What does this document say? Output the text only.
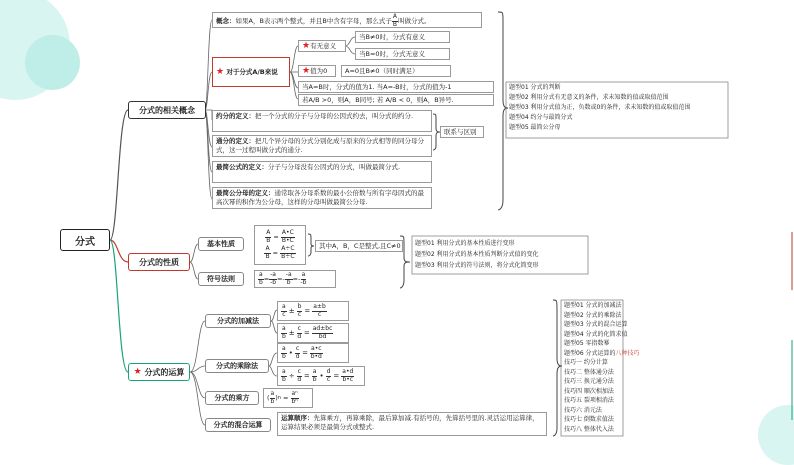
分式
分式的相关概念
分式的性质
★
分式的运算
概念：如果A，B表示两个整式，并且B中含有字母，那么式子 $\frac{A}{B}$ 叫做分式。
★
对于分式A/B来说
★有无意义
当B≠0时，分式有意义
当B=0时，分式无意义
★值为0	A=0且B≠0（同时满足）
当A=B时，分式的值为1. 当A=-B时，分式的值为-1
若A/B >0，则A，B同号; 若 A/B < 0，则A，B异号.
约分的定义：把一个分式的分子与分母的公因式约去，叫分式的约分.
通分的定义：把几个异分母的分式分别化成与原来的分式相等的同分母分式，这一过程叫做分式的通分.
联系与区别
最简公式的定义：分子与分母没有公因式的分式，叫做最简分式.
最简公分母的定义：通常取各分母系数的最小公倍数与所有字母因式的最高次幂的积作为公分母，这样的分母叫做最简公分母.
题型01 分式的判断
题型02 利用分式有无意义的条件，求未知数的值或取值范围
题型03 利用分式值为正，负数或0的条件，求未知数的值或取值范围
题型04 约分与最简分式
题型05 最简公分母
基本性质	$\frac{A}{B} = \frac{A•C}{B•C}$
$\frac{A}{B} = \frac{A\div C}{B\div C}$	其中A，B，C是整式,且C≠0
符号法则	$\frac{a}{b} = \frac{-a}{-b} =- \frac{-a}{b} =- \frac{a}{-b}$
题型01 利用分式的基本性质进行变形
题型02 利用分式的基本性质判断分式值的变化
题型03 利用分式的符号法则，将分式化简变形
分式的加减法
$\frac{a}{c} \pm \frac{b}{c} = \frac{a\pm b}{c}$
$\frac{a}{b} \pm \frac{c}{d} = \frac{ad\pm bc}{bd}$
分式的乘除法
$\frac{a}{b}$ • $\frac{c}{d} = \frac{a•c}{b•d}$
$\frac{a}{b} \div \frac{c}{d} = \frac{a}{b}$ • $\frac{d}{c} = \frac{a•d}{b•c}$
分式的乘方	( $\frac{a}{b}$ ) $n = \frac{\text{aⁿ}}{\text{bⁿ}}$
分式的混合运算
运算顺序：先算乘方，再算乘除，最后算加减.有括号的，先算括号里的.灵活运用运算律，运算结果必须是最简分式或整式.
题型01 分式的加减法
题型02 分式的乘除法
题型03 分式的混合运算
题型04 分式的化简求值
题型05 零指数幂
题型06 分式运算的八种技巧
技巧一 约分计算
技巧二 整体通分法
技巧三 换元通分法
技巧四 顺次相加法
技巧五 裂项相消法
技巧六 消元法
技巧七 倒数求值法
技巧八 整体代入法
